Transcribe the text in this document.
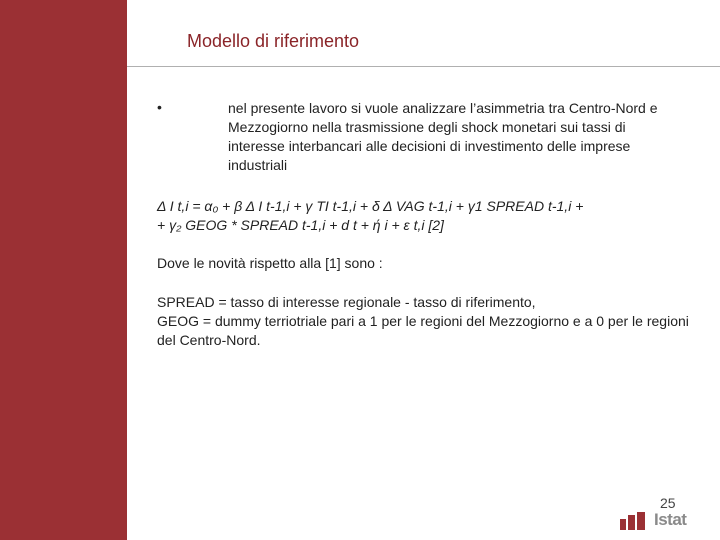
Modello di riferimento
•	nel presente lavoro si vuole analizzare l’asimmetria tra Centro-Nord e Mezzogiorno nella trasmissione degli shock monetari sui tassi di interesse interbancari alle decisioni di investimento delle imprese industriali
Δ I t,i = α₀ + β Δ I t-1,i + γ TI t-1,i + δ Δ VAG t-1,i + γ1 SPREAD t-1,i +
+ γ₂ GEOG * SPREAD t-1,i + d t + ή i + ε t,i [2]
Dove le novità rispetto alla [1] sono :
SPREAD = tasso di interesse regionale - tasso di riferimento,
GEOG = dummy terriotriale pari a 1 per le regioni del Mezzogiorno e a 0 per le regioni del Centro-Nord.
25
Istat
